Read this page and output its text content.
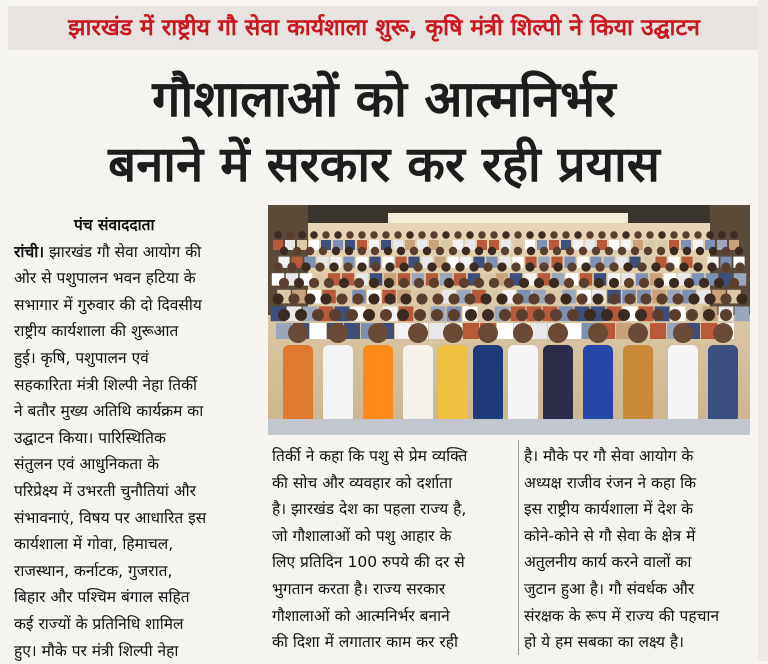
झारखंड में राष्ट्रीय गौ सेवा कार्यशाला शुरू, कृषि मंत्री शिल्पी ने किया उद्घाटन
गौशालाओं को आत्मनिर्भर
बनाने में सरकार कर रही प्रयास
पंच संवाददाता
रांची। झारखंड गौ सेवा आयोग की
ओर से पशुपालन भवन हटिया के
सभागार में गुरुवार की दो दिवसीय
राष्ट्रीय कार्यशाला की शुरूआत
हुई। कृषि, पशुपालन एवं
सहकारिता मंत्री शिल्पी नेहा तिर्की
ने बतौर मुख्य अतिथि कार्यक्रम का
उद्घाटन किया। पारिस्थितिक
संतुलन एवं आधुनिकता के
परिप्रेक्ष्य में उभरती चुनौतियां और
संभावनाएं, विषय पर आधारित इस
कार्यशाला में गोवा, हिमाचल,
राजस्थान, कर्नाटक, गुजरात,
बिहार और पश्चिम बंगाल सहित
कई राज्यों के प्रतिनिधि शामिल
हुए। मौके पर मंत्री शिल्पी नेहा
तिर्की ने कहा कि पशु से प्रेम व्यक्ति
की सोच और व्यवहार को दर्शाता
है। झारखंड देश का पहला राज्य है,
जो गौशालाओं को पशु आहार के
लिए प्रतिदिन 100 रुपये की दर से
भुगतान करता है। राज्य सरकार
गौशालाओं को आत्मनिर्भर बनाने
की दिशा में लगातार काम कर रही
है। मौके पर गौ सेवा आयोग के
अध्यक्ष राजीव रंजन ने कहा कि
इस राष्ट्रीय कार्यशाला में देश के
कोने-कोने से गौ सेवा के क्षेत्र में
अतुलनीय कार्य करने वालों का
जुटान हुआ है। गौ संवर्धक और
संरक्षक के रूप में राज्य की पहचान
हो ये हम सबका का लक्ष्य है।
